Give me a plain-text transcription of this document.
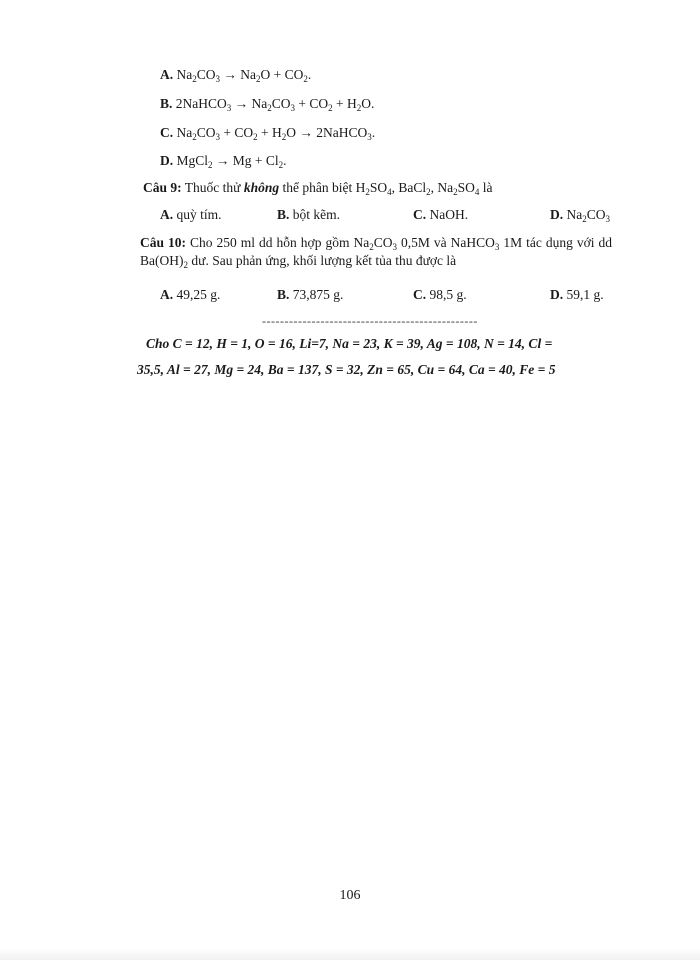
A. $Na_2CO_3 \to Na_2O + CO_2$.
B. 2NaHCO$_3$ → $Na_2CO_3 + CO_2 + H_2O$.
C. $Na_2CO_3 + CO_2 + H_2O$ → 2NaHCO$_3$.
D. MgCl$_2$ → $Mg + Cl_2$.
Câu 9: Thuốc thử không thể phân biệt $H_2SO_4$, BaCl$_2$, $Na_2SO_4$ là
A. quỳ tím.	B. bột kẽm.	C. NaOH.	D. $Na_2CO_3$
Câu 10: Cho 250 ml dd hỗn hợp gồm $Na_2CO_3$ 0,5M và NaHCO$_3$ 1M tác dụng với dd $Ba(OH)_2$ dư. Sau phản ứng, khối lượng kết tủa thu được là
A. 49,25 g.	B. 73,875 g.	C. 98,5 g.	D. 59,1 g.
------------------------------------------------
Cho C = 12, H = 1, O = 16, Li=7, Na = 23, K = 39, Ag = 108, N = 14, Cl =
35,5, Al = 27, Mg = 24, Ba = 137, S = 32, Zn = 65, Cu = 64, Ca = 40, Fe = 5
106
